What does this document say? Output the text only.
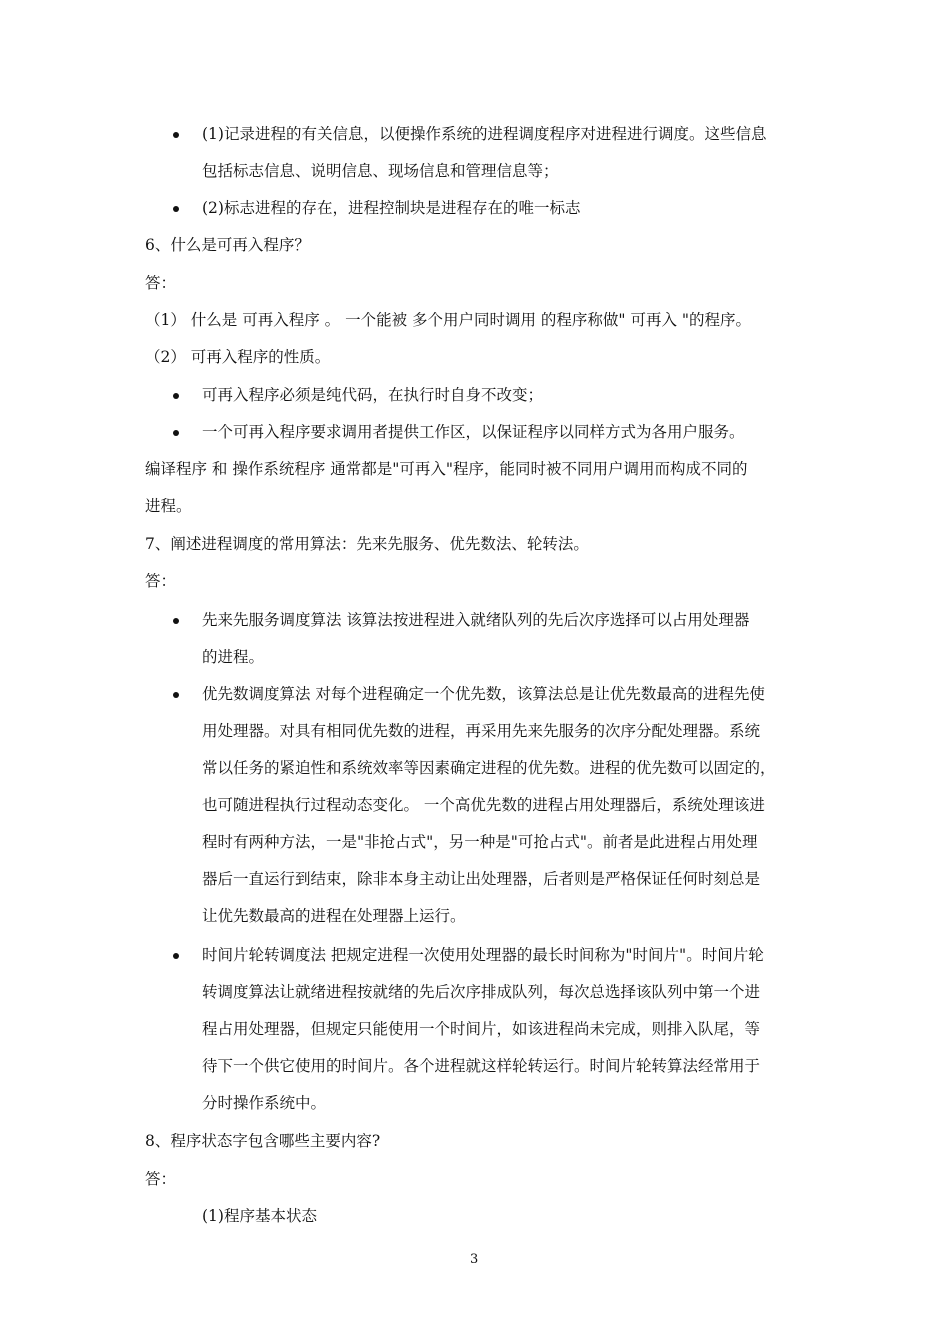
(1)记录进程的有关信息，以便操作系统的进程调度程序对进程进行调度。这些信息
包括标志信息、说明信息、现场信息和管理信息等；
(2)标志进程的存在，进程控制块是进程存在的唯一标志
6、什么是可再入程序？
答：
（1） 什么是 可再入程序 。 一个能被 多个用户同时调用 的程序称做" 可再入 "的程序。
（2） 可再入程序的性质。
可再入程序必须是纯代码，在执行时自身不改变；
一个可再入程序要求调用者提供工作区，以保证程序以同样方式为各用户服务。
编译程序 和 操作系统程序 通常都是"可再入"程序，能同时被不同用户调用而构成不同的
进程。
7、阐述进程调度的常用算法：先来先服务、优先数法、轮转法。
答：
先来先服务调度算法 该算法按进程进入就绪队列的先后次序选择可以占用处理器
的进程。
优先数调度算法 对每个进程确定一个优先数，该算法总是让优先数最高的进程先使
用处理器。对具有相同优先数的进程，再采用先来先服务的次序分配处理器。系统
常以任务的紧迫性和系统效率等因素确定进程的优先数。进程的优先数可以固定的，
也可随进程执行过程动态变化。 一个高优先数的进程占用处理器后，系统处理该进
程时有两种方法，一是"非抢占式"，另一种是"可抢占式"。前者是此进程占用处理
器后一直运行到结束，除非本身主动让出处理器，后者则是严格保证任何时刻总是
让优先数最高的进程在处理器上运行。
时间片轮转调度法 把规定进程一次使用处理器的最长时间称为"时间片"。时间片轮
转调度算法让就绪进程按就绪的先后次序排成队列，每次总选择该队列中第一个进
程占用处理器，但规定只能使用一个时间片，如该进程尚未完成，则排入队尾，等
待下一个供它使用的时间片。各个进程就这样轮转运行。时间片轮转算法经常用于
分时操作系统中。
8、程序状态字包含哪些主要内容?
答：
(1)程序基本状态
3
